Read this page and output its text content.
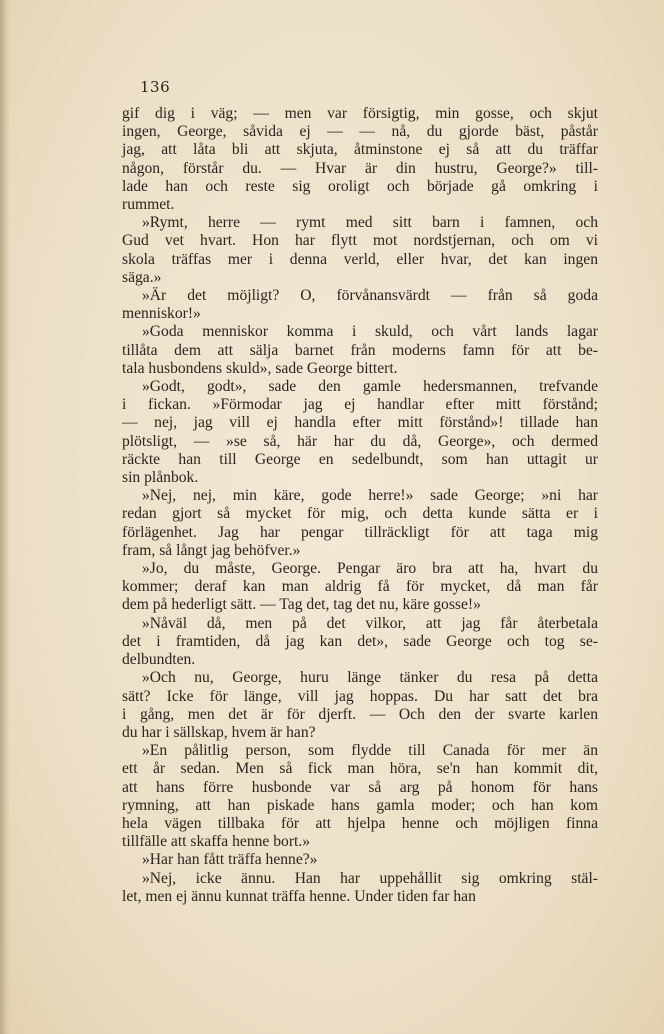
136

gif dig i väg; — men var försigtig, min gosse, och skjut
ingen, George, såvida ej — — nå, du gjorde bäst, påstår
jag, att låta bli att skjuta, åtminstone ej så att du träffar
någon, förstår du. — Hvar är din hustru, George?» till-
lade han och reste sig oroligt och började gå omkring i
rummet.

»Rymt, herre — rymt med sitt barn i famnen, och
Gud vet hvart. Hon har flytt mot nordstjernan, och om vi
skola träffas mer i denna verld, eller hvar, det kan ingen
säga.»

»Är det möjligt? O, förvånansvärdt — från så goda
menniskor!»

»Goda menniskor komma i skuld, och vårt lands lagar
tillåta dem att sälja barnet från moderns famn för att be-
tala husbondens skuld», sade George bittert.

»Godt, godt», sade den gamle hedersmannen, trefvande
i fickan. »Förmodar jag ej handlar efter mitt förstånd;
— nej, jag vill ej handla efter mitt förstånd»! tillade han
plötsligt, — »se så, här har du då, George», och dermed
räckte han till George en sedelbundt, som han uttagit ur
sin plånbok.

»Nej, nej, min käre, gode herre!» sade George; »ni har
redan gjort så mycket för mig, och detta kunde sätta er i
förlägenhet. Jag har pengar tillräckligt för att taga mig
fram, så långt jag behöfver.»

»Jo, du måste, George. Pengar äro bra att ha, hvart du
kommer; deraf kan man aldrig få för mycket, då man får
dem på hederligt sätt. — Tag det, tag det nu, käre gosse!»

»Nåväl då, men på det vilkor, att jag får återbetala
det i framtiden, då jag kan det», sade George och tog se-
delbundten.

»Och nu, George, huru länge tänker du resa på detta
sätt? Icke för länge, vill jag hoppas. Du har satt det bra
i gång, men det är för djerft. — Och den der svarte karlen
du har i sällskap, hvem är han?

»En pålitlig person, som flydde till Canada för mer än
ett år sedan. Men så fick man höra, se'n han kommit dit,
att hans förre husbonde var så arg på honom för hans
rymning, att han piskade hans gamla moder; och han kom
hela vägen tillbaka för att hjelpa henne och möjligen finna
tillfälle att skaffa henne bort.»

»Har han fått träffa henne?»

»Nej, icke ännu. Han har uppehållit sig omkring stäl-
let, men ej ännu kunnat träffa henne. Under tiden far han
